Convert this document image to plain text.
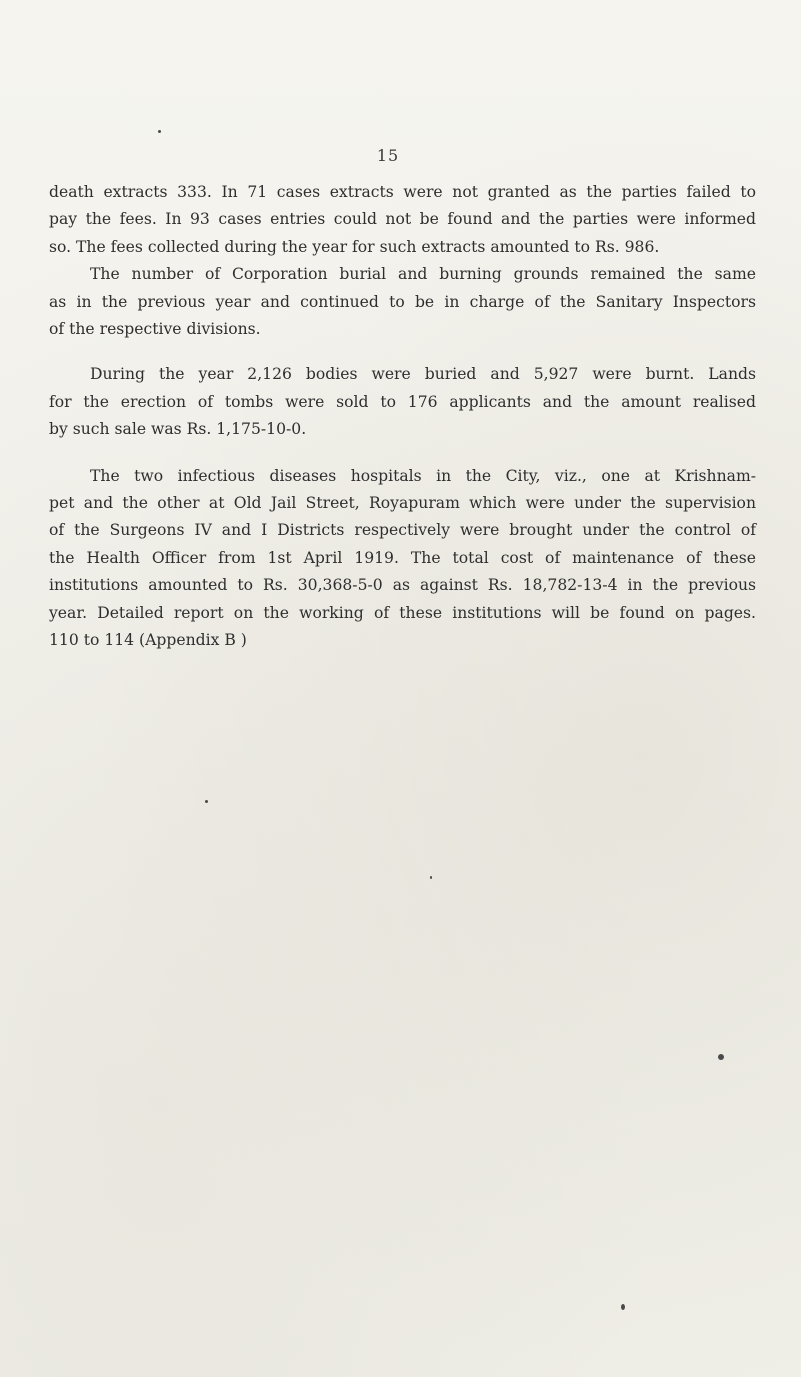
15
death extracts 333. In 71 cases extracts were not granted as the parties failed to
pay the fees. In 93 cases entries could not be found and the parties were informed
so. The fees collected during the year for such extracts amounted to Rs. 986.
The number of Corporation burial and burning grounds remained the same
as in the previous year and continued to be in charge of the Sanitary Inspectors
of the respective divisions.
During the year 2,126 bodies were buried and 5,927 were burnt. Lands
for the erection of tombs were sold to 176 applicants and the amount realised
by such sale was Rs. 1,175-10-0.
The two infectious diseases hospitals in the City, viz., one at Krishnam-
pet and the other at Old Jail Street, Royapuram which were under the supervision
of the Surgeons IV and I Districts respectively were brought under the control of
the Health Officer from 1st April 1919. The total cost of maintenance of these
institutions amounted to Rs. 30,368-5-0 as against Rs. 18,782-13-4 in the previous
year. Detailed report on the working of these institutions will be found on pages.
110 to 114 (Appendix B )
